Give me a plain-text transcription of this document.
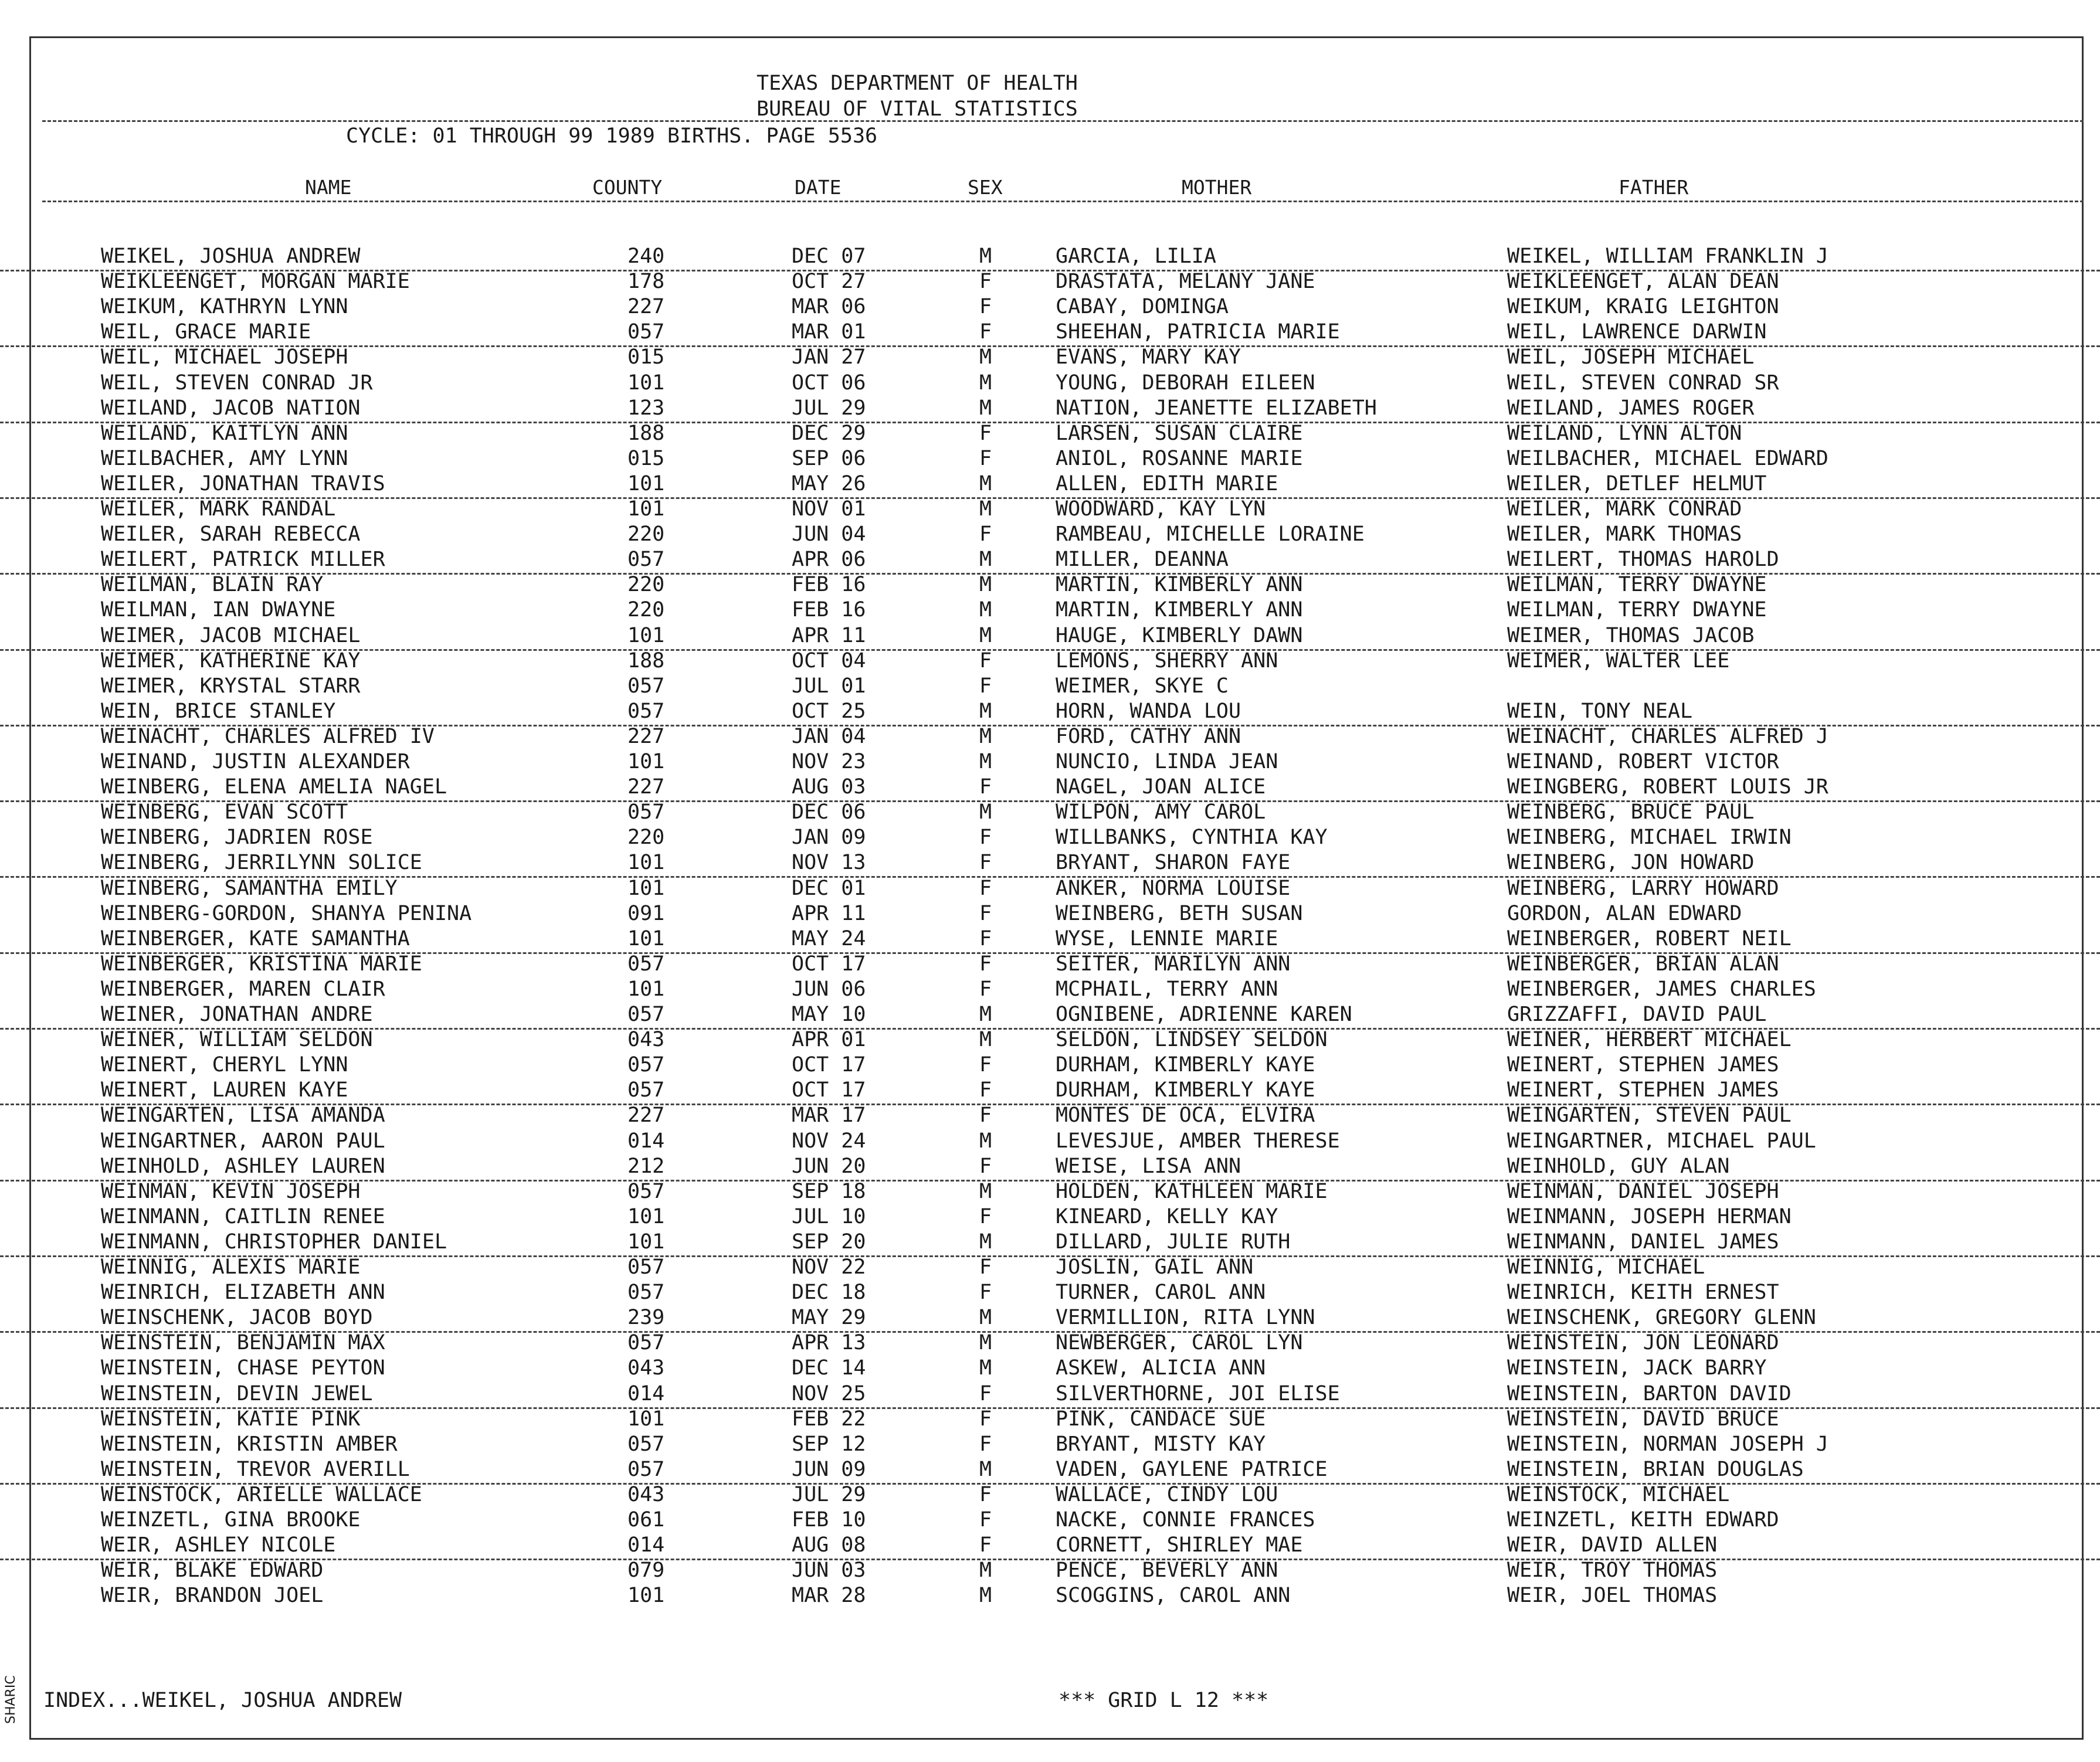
TEXAS DEPARTMENT OF HEALTH
BUREAU OF VITAL STATISTICS
CYCLE: 01 THROUGH 99 1989 BIRTHS. PAGE 5536
NAME	COUNTY	DATE	SEX	MOTHER	FATHER
WEIKEL, JOSHUA ANDREW	240	DEC 07	M	GARCIA, LILIA	WEIKEL, WILLIAM FRANKLIN J
WEIKLEENGET, MORGAN MARIE	178	OCT 27	F	DRASTATA, MELANY JANE	WEIKLEENGET, ALAN DEAN
WEIKUM, KATHRYN LYNN	227	MAR 06	F	CABAY, DOMINGA	WEIKUM, KRAIG LEIGHTON
WEIL, GRACE MARIE	057	MAR 01	F	SHEEHAN, PATRICIA MARIE	WEIL, LAWRENCE DARWIN
WEIL, MICHAEL JOSEPH	015	JAN 27	M	EVANS, MARY KAY	WEIL, JOSEPH MICHAEL
WEIL, STEVEN CONRAD JR	101	OCT 06	M	YOUNG, DEBORAH EILEEN	WEIL, STEVEN CONRAD SR
WEILAND, JACOB NATION	123	JUL 29	M	NATION, JEANETTE ELIZABETH	WEILAND, JAMES ROGER
WEILAND, KAITLYN ANN	188	DEC 29	F	LARSEN, SUSAN CLAIRE	WEILAND, LYNN ALTON
WEILBACHER, AMY LYNN	015	SEP 06	F	ANIOL, ROSANNE MARIE	WEILBACHER, MICHAEL EDWARD
WEILER, JONATHAN TRAVIS	101	MAY 26	M	ALLEN, EDITH MARIE	WEILER, DETLEF HELMUT
WEILER, MARK RANDAL	101	NOV 01	M	WOODWARD, KAY LYN	WEILER, MARK CONRAD
WEILER, SARAH REBECCA	220	JUN 04	F	RAMBEAU, MICHELLE LORAINE	WEILER, MARK THOMAS
WEILERT, PATRICK MILLER	057	APR 06	M	MILLER, DEANNA	WEILERT, THOMAS HAROLD
WEILMAN, BLAIN RAY	220	FEB 16	M	MARTIN, KIMBERLY ANN	WEILMAN, TERRY DWAYNE
WEILMAN, IAN DWAYNE	220	FEB 16	M	MARTIN, KIMBERLY ANN	WEILMAN, TERRY DWAYNE
WEIMER, JACOB MICHAEL	101	APR 11	M	HAUGE, KIMBERLY DAWN	WEIMER, THOMAS JACOB
WEIMER, KATHERINE KAY	188	OCT 04	F	LEMONS, SHERRY ANN	WEIMER, WALTER LEE
WEIMER, KRYSTAL STARR	057	JUL 01	F	WEIMER, SKYE C
WEIN, BRICE STANLEY	057	OCT 25	M	HORN, WANDA LOU	WEIN, TONY NEAL
WEINACHT, CHARLES ALFRED IV	227	JAN 04	M	FORD, CATHY ANN	WEINACHT, CHARLES ALFRED J
WEINAND, JUSTIN ALEXANDER	101	NOV 23	M	NUNCIO, LINDA JEAN	WEINAND, ROBERT VICTOR
WEINBERG, ELENA AMELIA NAGEL	227	AUG 03	F	NAGEL, JOAN ALICE	WEINGBERG, ROBERT LOUIS JR
WEINBERG, EVAN SCOTT	057	DEC 06	M	WILPON, AMY CAROL	WEINBERG, BRUCE PAUL
WEINBERG, JADRIEN ROSE	220	JAN 09	F	WILLBANKS, CYNTHIA KAY	WEINBERG, MICHAEL IRWIN
WEINBERG, JERRILYNN SOLICE	101	NOV 13	F	BRYANT, SHARON FAYE	WEINBERG, JON HOWARD
WEINBERG, SAMANTHA EMILY	101	DEC 01	F	ANKER, NORMA LOUISE	WEINBERG, LARRY HOWARD
WEINBERG-GORDON, SHANYA PENINA	091	APR 11	F	WEINBERG, BETH SUSAN	GORDON, ALAN EDWARD
WEINBERGER, KATE SAMANTHA	101	MAY 24	F	WYSE, LENNIE MARIE	WEINBERGER, ROBERT NEIL
WEINBERGER, KRISTINA MARIE	057	OCT 17	F	SEITER, MARILYN ANN	WEINBERGER, BRIAN ALAN
WEINBERGER, MAREN CLAIR	101	JUN 06	F	MCPHAIL, TERRY ANN	WEINBERGER, JAMES CHARLES
WEINER, JONATHAN ANDRE	057	MAY 10	M	OGNIBENE, ADRIENNE KAREN	GRIZZAFFI, DAVID PAUL
WEINER, WILLIAM SELDON	043	APR 01	M	SELDON, LINDSEY SELDON	WEINER, HERBERT MICHAEL
WEINERT, CHERYL LYNN	057	OCT 17	F	DURHAM, KIMBERLY KAYE	WEINERT, STEPHEN JAMES
WEINERT, LAUREN KAYE	057	OCT 17	F	DURHAM, KIMBERLY KAYE	WEINERT, STEPHEN JAMES
WEINGARTEN, LISA AMANDA	227	MAR 17	F	MONTES DE OCA, ELVIRA	WEINGARTEN, STEVEN PAUL
WEINGARTNER, AARON PAUL	014	NOV 24	M	LEVESJUE, AMBER THERESE	WEINGARTNER, MICHAEL PAUL
WEINHOLD, ASHLEY LAUREN	212	JUN 20	F	WEISE, LISA ANN	WEINHOLD, GUY ALAN
WEINMAN, KEVIN JOSEPH	057	SEP 18	M	HOLDEN, KATHLEEN MARIE	WEINMAN, DANIEL JOSEPH
WEINMANN, CAITLIN RENEE	101	JUL 10	F	KINEARD, KELLY KAY	WEINMANN, JOSEPH HERMAN
WEINMANN, CHRISTOPHER DANIEL	101	SEP 20	M	DILLARD, JULIE RUTH	WEINMANN, DANIEL JAMES
WEINNIG, ALEXIS MARIE	057	NOV 22	F	JOSLIN, GAIL ANN	WEINNIG, MICHAEL
WEINRICH, ELIZABETH ANN	057	DEC 18	F	TURNER, CAROL ANN	WEINRICH, KEITH ERNEST
WEINSCHENK, JACOB BOYD	239	MAY 29	M	VERMILLION, RITA LYNN	WEINSCHENK, GREGORY GLENN
WEINSTEIN, BENJAMIN MAX	057	APR 13	M	NEWBERGER, CAROL LYN	WEINSTEIN, JON LEONARD
WEINSTEIN, CHASE PEYTON	043	DEC 14	M	ASKEW, ALICIA ANN	WEINSTEIN, JACK BARRY
WEINSTEIN, DEVIN JEWEL	014	NOV 25	F	SILVERTHORNE, JOI ELISE	WEINSTEIN, BARTON DAVID
WEINSTEIN, KATIE PINK	101	FEB 22	F	PINK, CANDACE SUE	WEINSTEIN, DAVID BRUCE
WEINSTEIN, KRISTIN AMBER	057	SEP 12	F	BRYANT, MISTY KAY	WEINSTEIN, NORMAN JOSEPH J
WEINSTEIN, TREVOR AVERILL	057	JUN 09	M	VADEN, GAYLENE PATRICE	WEINSTEIN, BRIAN DOUGLAS
WEINSTOCK, ARIELLE WALLACE	043	JUL 29	F	WALLACE, CINDY LOU	WEINSTOCK, MICHAEL
WEINZETL, GINA BROOKE	061	FEB 10	F	NACKE, CONNIE FRANCES	WEINZETL, KEITH EDWARD
WEIR, ASHLEY NICOLE	014	AUG 08	F	CORNETT, SHIRLEY MAE	WEIR, DAVID ALLEN
WEIR, BLAKE EDWARD	079	JUN 03	M	PENCE, BEVERLY ANN	WEIR, TROY THOMAS
WEIR, BRANDON JOEL	101	MAR 28	M	SCOGGINS, CAROL ANN	WEIR, JOEL THOMAS
INDEX...WEIKEL, JOSHUA ANDREW	*** GRID L 12 ***
SHARIC
